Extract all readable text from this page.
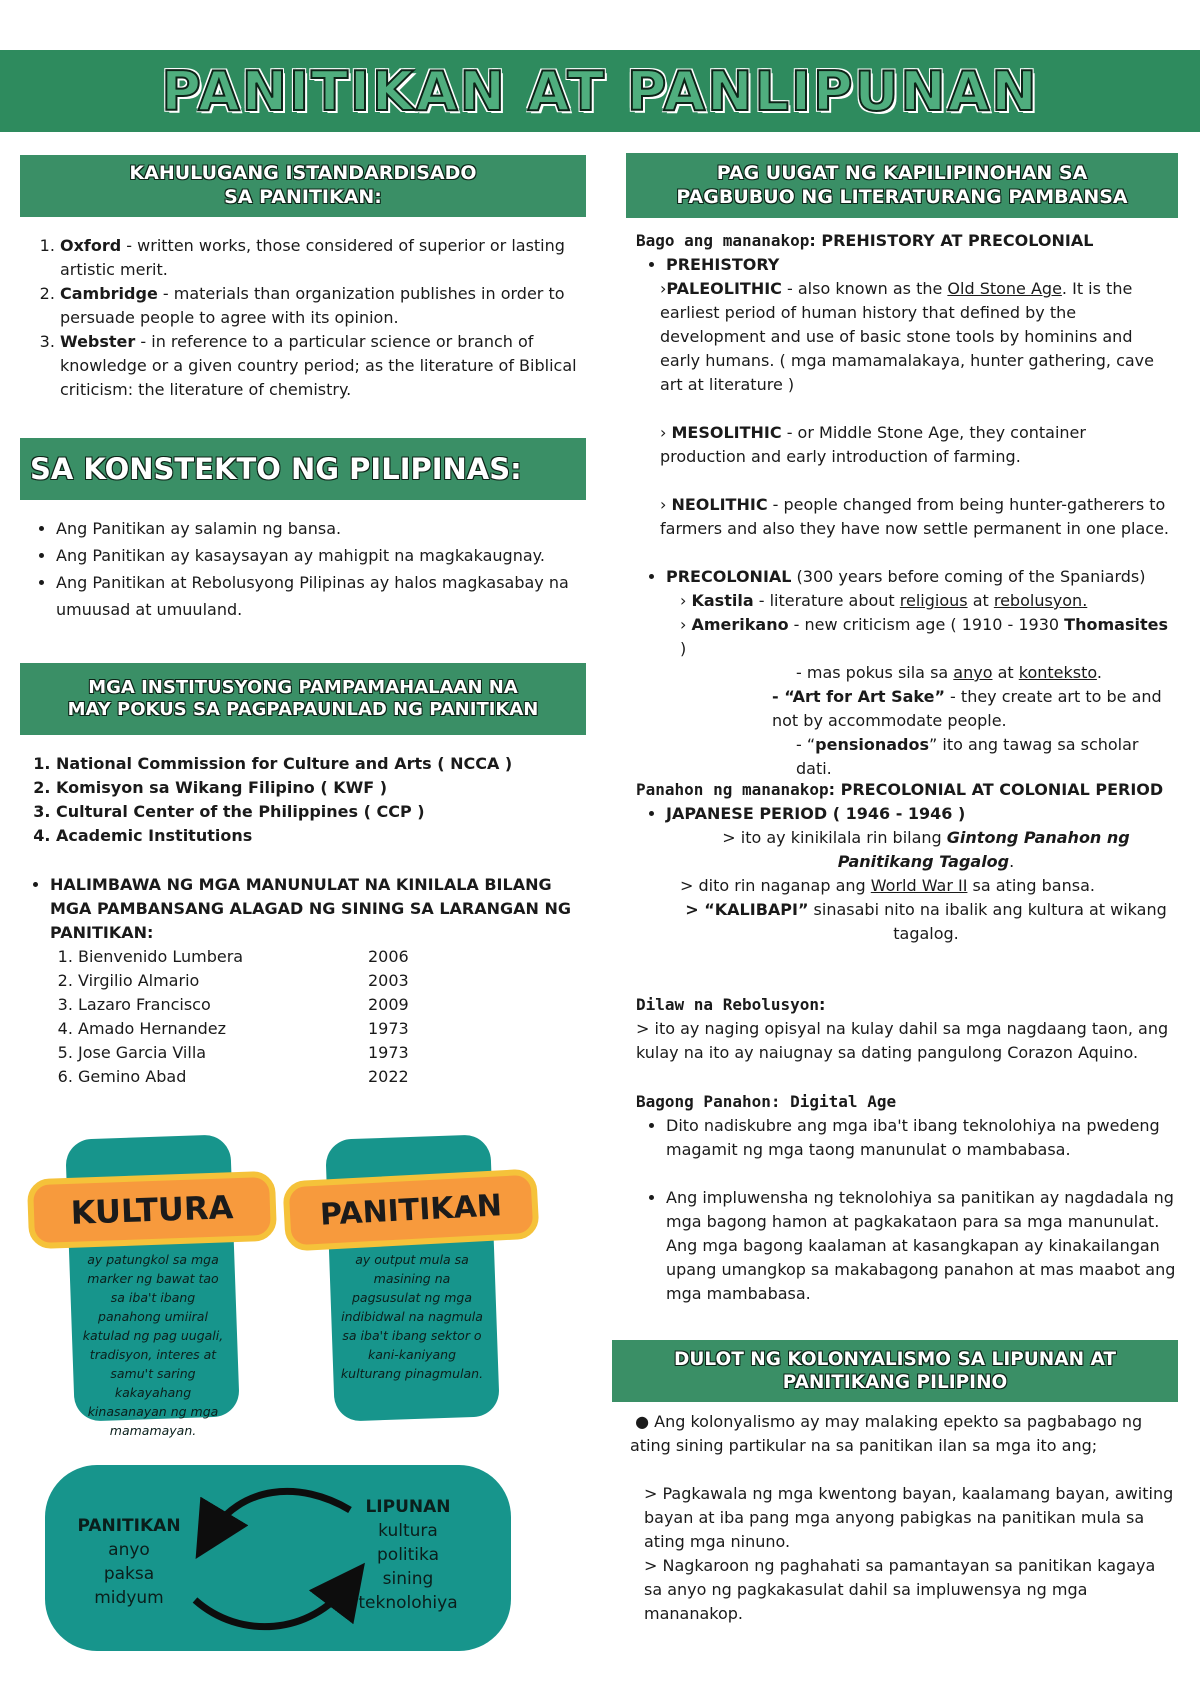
PANITIKAN AT PANLIPUNAN
KAHULUGANG ISTANDARDISADO
SA PANITIKAN:
1. Oxford - written works, those considered of superior or lasting artistic merit.
2. Cambridge - materials than organization publishes in order to persuade people to agree with its opinion.
3. Webster - in reference to a particular science or branch of knowledge or a given country period; as the literature of Biblical criticism: the literature of chemistry.
SA KONSTEKTO NG PILIPINAS:
• Ang Panitikan ay salamin ng bansa.
• Ang Panitikan ay kasaysayan ay mahigpit na magkakaugnay.
• Ang Panitikan at Rebolusyong Pilipinas ay halos magkasabay na umuusad at umuuland.
MGA INSTITUSYONG PAMPAMAHALAAN NA
MAY POKUS SA PAGPAPAUNLAD NG PANITIKAN
1. National Commission for Culture and Arts ( NCCA )
2. Komisyon sa Wikang Filipino ( KWF )
3. Cultural Center of the Philippines ( CCP )
4. Academic Institutions
• HALIMBAWA NG MGA MANUNULAT NA KINILALA BILANG MGA PAMBANSANG ALAGAD NG SINING SA LARANGAN NG PANITIKAN:
1. Bienvenido Lumbera	2006
2. Virgilio Almario	2003
3. Lazaro Francisco	2009
4. Amado Hernandez	1973
5. Jose Garcia Villa	1973
6. Gemino Abad	2022
KULTURA
ay patungkol sa mga marker ng bawat tao sa iba't ibang panahong umiiral katulad ng pag uugali, tradisyon, interes at samu't saring kakayahang kinasanayan ng mga mamamayan.
PANITIKAN
ay output mula sa masining na pagsusulat ng mga indibidwal na nagmula sa iba't ibang sektor o kani-kaniyang kulturang pinagmulan.
PANITIKAN
anyo
paksa
midyum
LIPUNAN
kultura
politika
sining
teknolohiya
PAG UUGAT NG KAPILIPINOHAN SA
PAGBUBUO NG LITERATURANG PAMBANSA

Bago ang mananakop: PREHISTORY AT PRECOLONIAL

• PREHISTORY

›PALEOLITHIC - also known as the Old Stone Age. It is the earliest period of human history that defined by the development and use of basic stone tools by hominins and early humans. ( mga mamamalakaya, hunter gathering, cave art at literature )

› MESOLITHIC - or Middle Stone Age, they container production and early introduction of farming.

› NEOLITHIC - people changed from being hunter-gatherers to farmers and also they have now settle permanent in one place.

• PRECOLONIAL (300 years before coming of the Spaniards)

› Kastila - literature about religious at rebolusyon.

› Amerikano - new criticism age ( 1910 - 1930 Thomasites )

- mas pokus sila sa anyo at konteksto.

- “Art for Art Sake” - they create art to be and not by accommodate people.

- “pensionados” ito ang tawag sa scholar dati.

Panahon ng mananakop: PRECOLONIAL AT COLONIAL PERIOD

• JAPANESE PERIOD ( 1946 - 1946 )

> ito ay kinikilala rin bilang Gintong Panahon ng Panitikang Tagalog.

> dito rin naganap ang World War II sa ating bansa.

> “KALIBAPI” sinasabi nito na ibalik ang kultura at wikang tagalog.

Dilaw na Rebolusyon:

> ito ay naging opisyal na kulay dahil sa mga nagdaang taon, ang kulay na ito ay naiugnay sa dating pangulong Corazon Aquino.

Bagong Panahon: Digital Age

• Dito nadiskubre ang mga iba't ibang teknolohiya na pwedeng magamit ng mga taong manunulat o mambabasa.
• Ang impluwensha ng teknolohiya sa panitikan ay nagdadala ng mga bagong hamon at pagkakataon para sa mga manunulat. Ang mga bagong kaalaman at kasangkapan ay kinakailangan upang umangkop sa makabagong panahon at mas maabot ang mga mambabasa.
DULOT NG KOLONYALISMO SA LIPUNAN AT
PANITIKANG PILIPINO

● Ang kolonyalismo ay may malaking epekto sa pagbabago ng ating sining partikular na sa panitikan ilan sa mga ito ang;

> Pagkawala ng mga kwentong bayan, kaalamang bayan, awiting bayan at iba pang mga anyong pabigkas na panitikan mula sa ating mga ninuno.

> Nagkaroon ng paghahati sa pamantayan sa panitikan kagaya sa anyo ng pagkakasulat dahil sa impluwensya ng mga mananakop.
